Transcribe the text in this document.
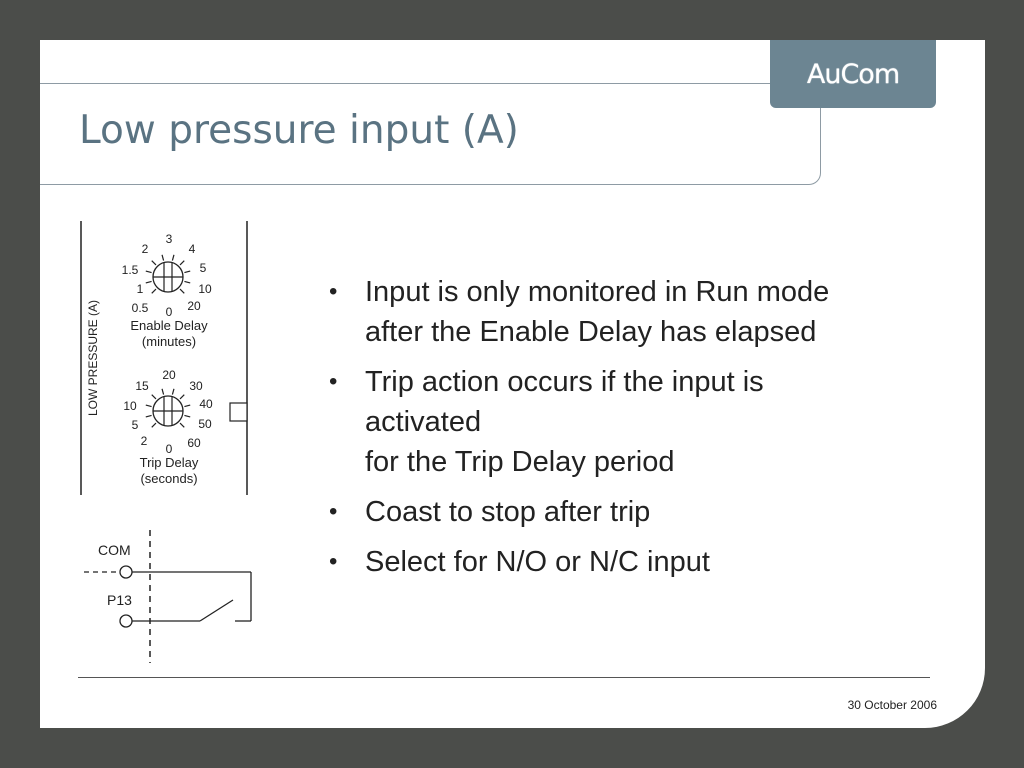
Low pressure input (A)
AuCom
LOW PRESSURE (A)	0.5
1
1.5
2
3
4
5
10
20
0
Enable Delay
(minutes)
2
5
10
15
20
30
40
50
60
0
Trip Delay
(seconds)
COM
P13
• Input is only monitored in Run mode
after the Enable Delay has elapsed
• Trip action occurs if the input is
activated
for the Trip Delay period
• Coast to stop after trip
• Select for N/O or N/C input
30 October 2006
